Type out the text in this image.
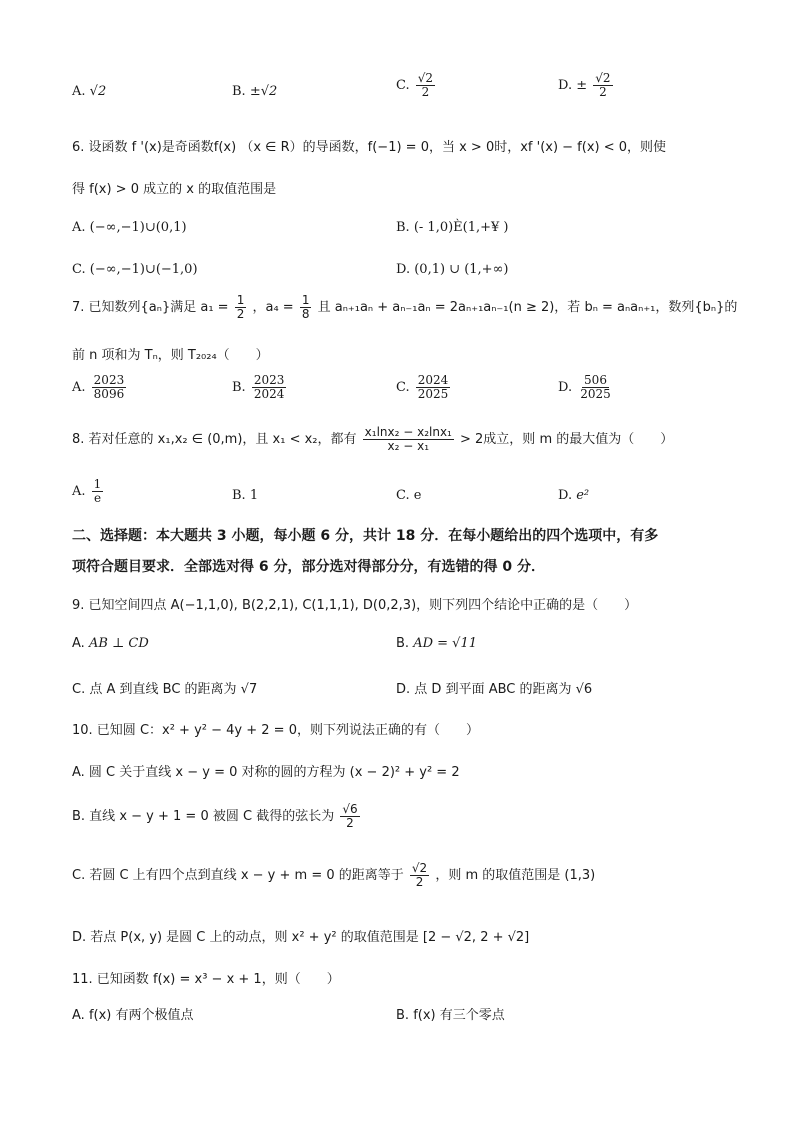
A. √2	B. ±√2	C. $\frac{√2}{2}$	D. ± $\frac{√2}{2}$
6. 设函数 f '(x)是奇函数f(x) （x ∈ R）的导函数，f(−1) = 0，当 x > 0时，xf '(x) − f(x) < 0，则使
得 f(x) > 0 成立的 x 的取值范围是
A. (−∞,−1)∪(0,1)	B. (- 1,0)È(1,+¥ )
C. (−∞,−1)∪(−1,0)	D. (0,1) ∪ (1,+∞)
7. 已知数列{aₙ}满足 $a_1 = \frac{1}{2}$ ，$a_4 = \frac{1}{8}$ 且 aₙ₊₁aₙ + aₙ₋₁aₙ = 2aₙ₊₁aₙ₋₁(n ≥ 2)，若 bₙ = aₙaₙ₊₁，数列{bₙ}的
前 n 项和为 Tₙ，则 T₂₀₂₄（　　）
A. $\frac{2023}{8096}$	B. $\frac{2023}{2024}$	C. $\frac{2024}{2025}$	D. $\frac{506}{2025}$
8. 若对任意的 x₁,x₂ ∈ (0,m)，且 x₁ < x₂，都有 $\frac{\text{x₁lnx₂ − x₂lnx₁}}{\text{x₂ − x₁}} > 2$成立，则 m 的最大值为（　　）
A. $\frac{1}{e}$	B. 1	C. e	D. e²
二、选择题：本大题共 3 小题，每小题 6 分，共计 18 分．在每小题给出的四个选项中，有多
项符合题目要求．全部选对得 6 分，部分选对得部分分，有选错的得 0 分．
9. 已知空间四点 A(−1,1,0), B(2,2,1), C(1,1,1), D(0,2,3)，则下列四个结论中正确的是（　　）
A. AB ⊥ CD	B. AD = √11
C. 点 A 到直线 BC 的距离为 √7	D. 点 D 到平面 ABC 的距离为 √6
10. 已知圆 C：x² + y² − 4y + 2 = 0，则下列说法正确的有（　　）
A. 圆 C 关于直线 x − y = 0 对称的圆的方程为 (x − 2)² + y² = 2
B. 直线 x − y + 1 = 0 被圆 C 截得的弦长为 $\frac{√6}{2}$
C. 若圆 C 上有四个点到直线 x − y + m = 0 的距离等于 $\frac{√2}{2}$ ，则 m 的取值范围是 (1,3)
D. 若点 P(x, y) 是圆 C 上的动点，则 x² + y² 的取值范围是 [2 − √2, 2 + √2]
11. 已知函数 f(x) = x³ − x + 1，则（　　）
A. f(x) 有两个极值点	B. f(x) 有三个零点
